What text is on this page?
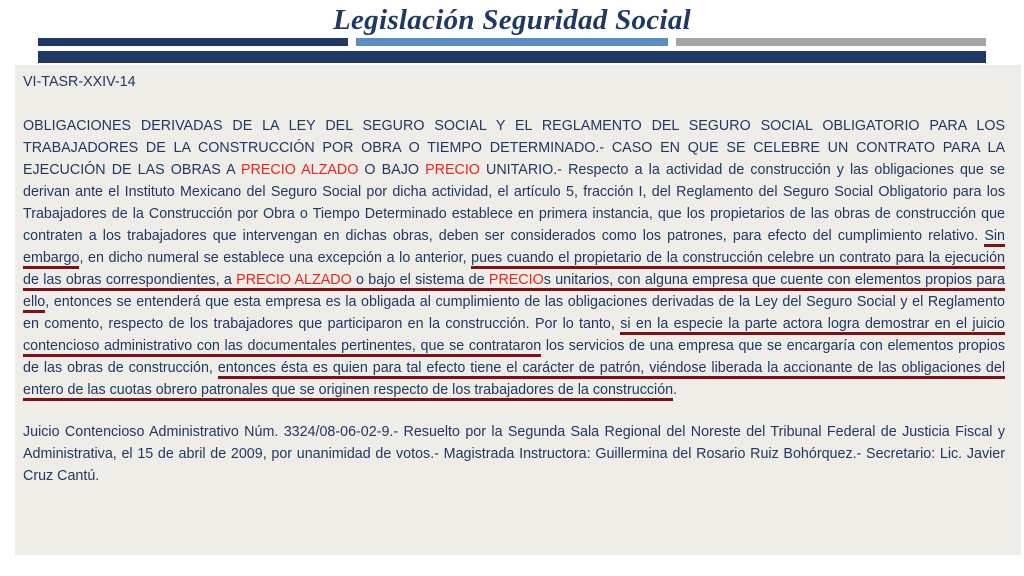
Legislación Seguridad Social

VI-TASR-XXIV-14

OBLIGACIONES DERIVADAS DE LA LEY DEL SEGURO SOCIAL Y EL REGLAMENTO DEL SEGURO SOCIAL OBLIGATORIO PARA LOS TRABAJADORES DE LA CONSTRUCCIÓN POR OBRA O TIEMPO DETERMINADO.- CASO EN QUE SE CELEBRE UN CONTRATO PARA LA EJECUCIÓN DE LAS OBRAS A PRECIO ALZADO O BAJO PRECIO UNITARIO.- Respecto a la actividad de construcción y las obligaciones que se derivan ante el Instituto Mexicano del Seguro Social por dicha actividad, el artículo 5, fracción I, del Reglamento del Seguro Social Obligatorio para los Trabajadores de la Construcción por Obra o Tiempo Determinado establece en primera instancia, que los propietarios de las obras de construcción que contraten a los trabajadores que intervengan en dichas obras, deben ser considerados como los patrones, para efecto del cumplimiento relativo. Sin embargo, en dicho numeral se establece una excepción a lo anterior, pues cuando el propietario de la construcción celebre un contrato para la ejecución de las obras correspondientes, a PRECIO ALZADO o bajo el sistema de PRECIOs unitarios, con alguna empresa que cuente con elementos propios para ello, entonces se entenderá que esta empresa es la obligada al cumplimiento de las obligaciones derivadas de la Ley del Seguro Social y el Reglamento en comento, respecto de los trabajadores que participaron en la construcción. Por lo tanto, si en la especie la parte actora logra demostrar en el juicio contencioso administrativo con las documentales pertinentes, que se contrataron los servicios de una empresa que se encargaría con elementos propios de las obras de construcción, entonces ésta es quien para tal efecto tiene el carácter de patrón, viéndose liberada la accionante de las obligaciones del entero de las cuotas obrero patronales que se originen respecto de los trabajadores de la construcción.

Juicio Contencioso Administrativo Núm. 3324/08-06-02-9.- Resuelto por la Segunda Sala Regional del Noreste del Tribunal Federal de Justicia Fiscal y Administrativa, el 15 de abril de 2009, por unanimidad de votos.- Magistrada Instructora: Guillermina del Rosario Ruiz Bohórquez.- Secretario: Lic. Javier Cruz Cantú.
